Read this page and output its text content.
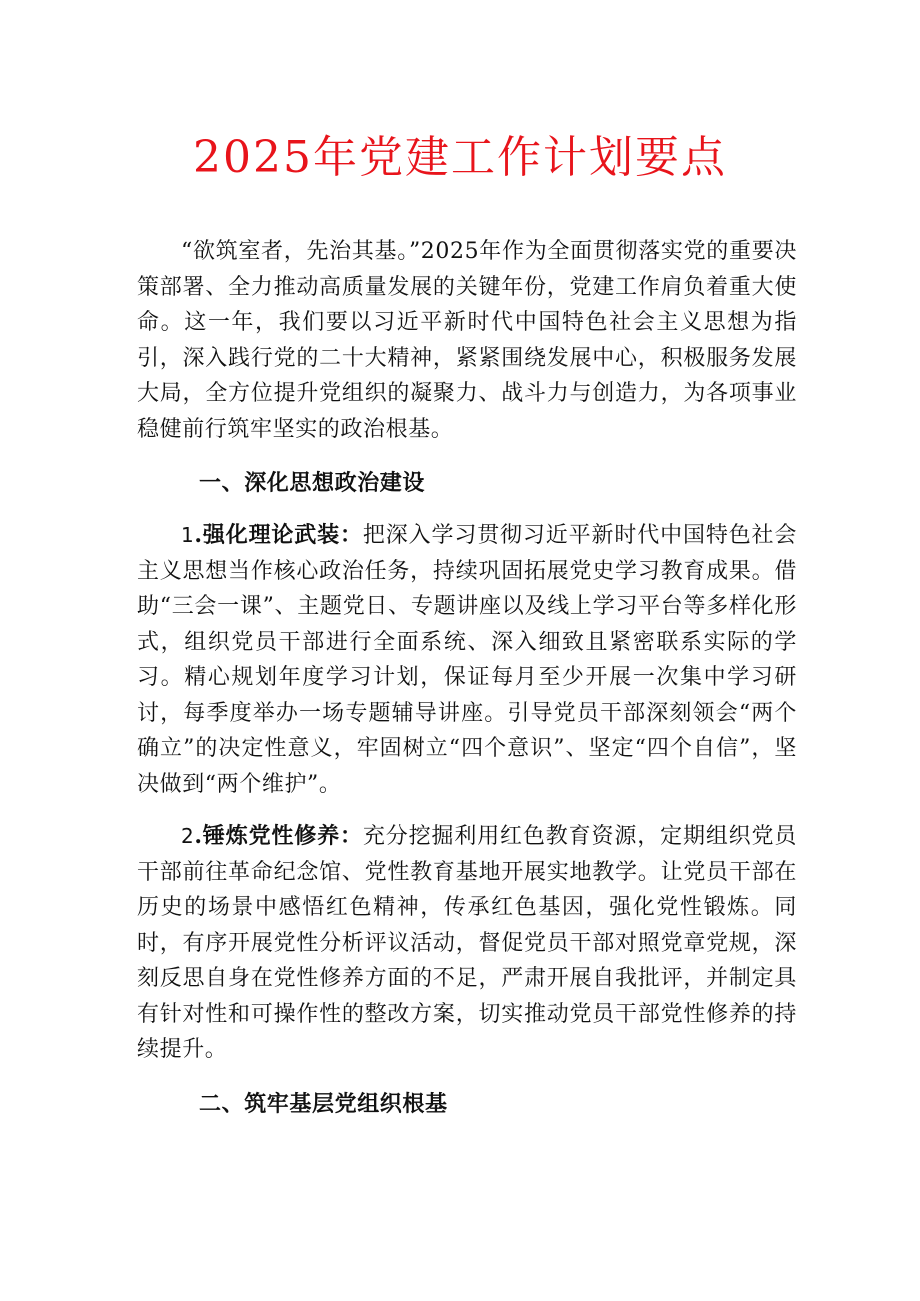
2025年党建工作计划要点

“欲筑室者，先治其基。”2025年作为全面贯彻落实党的重要决策部署、全力推动高质量发展的关键年份，党建工作肩负着重大使命。这一年，我们要以习近平新时代中国特色社会主义思想为指引，深入践行党的二十大精神，紧紧围绕发展中心，积极服务发展大局，全方位提升党组织的凝聚力、战斗力与创造力，为各项事业稳健前行筑牢坚实的政治根基。

一、深化思想政治建设

1.强化理论武装：把深入学习贯彻习近平新时代中国特色社会主义思想当作核心政治任务，持续巩固拓展党史学习教育成果。借助“三会一课”、主题党日、专题讲座以及线上学习平台等多样化形式，组织党员干部进行全面系统、深入细致且紧密联系实际的学习。精心规划年度学习计划，保证每月至少开展一次集中学习研讨，每季度举办一场专题辅导讲座。引导党员干部深刻领会“两个确立”的决定性意义，牢固树立“四个意识”、坚定“四个自信”，坚决做到“两个维护”。

2.锤炼党性修养：充分挖掘利用红色教育资源，定期组织党员干部前往革命纪念馆、党性教育基地开展实地教学。让党员干部在历史的场景中感悟红色精神，传承红色基因，强化党性锻炼。同时，有序开展党性分析评议活动，督促党员干部对照党章党规，深刻反思自身在党性修养方面的不足，严肃开展自我批评，并制定具有针对性和可操作性的整改方案，切实推动党员干部党性修养的持续提升。

二、筑牢基层党组织根基
